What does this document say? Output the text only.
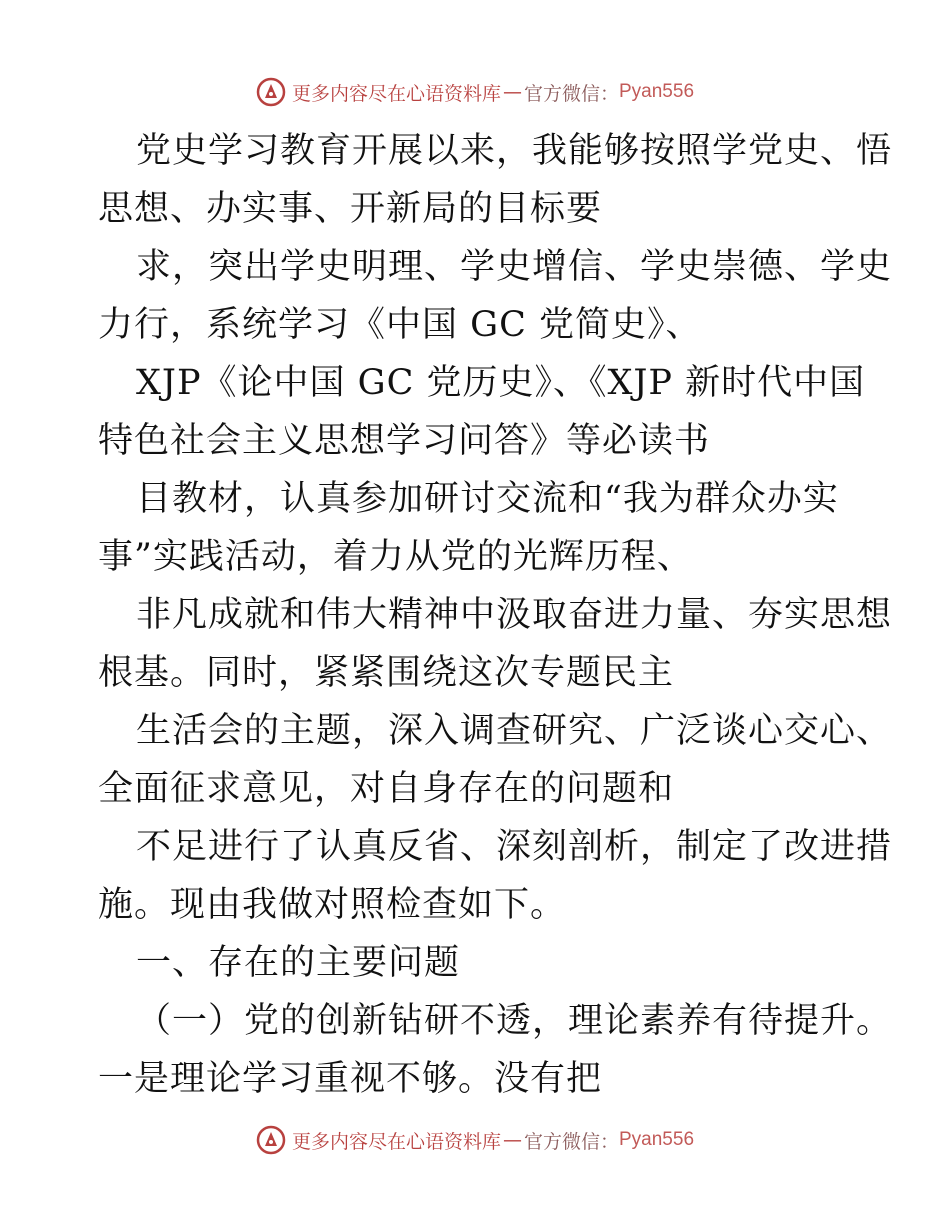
更多内容尽在心语资料库 — 官方微信： Pyan556
党史学习教育开展以来，我能够按照学党史、悟
思想、办实事、开新局的目标要
求，突出学史明理、学史增信、学史崇德、学史
力行，系统学习《中国 GC 党简史》、
XJP《论中国 GC 党历史》、《XJP 新时代中国
特色社会主义思想学习问答》等必读书
目教材，认真参加研讨交流和“我为群众办实
事”实践活动，着力从党的光辉历程、
非凡成就和伟大精神中汲取奋进力量、夯实思想
根基。同时，紧紧围绕这次专题民主
生活会的主题，深入调查研究、广泛谈心交心、
全面征求意见，对自身存在的问题和
不足进行了认真反省、深刻剖析，制定了改进措
施。现由我做对照检查如下。
一、存在的主要问题
（一）党的创新钻研不透，理论素养有待提升。
一是理论学习重视不够。没有把
更多内容尽在心语资料库 — 官方微信： Pyan556
